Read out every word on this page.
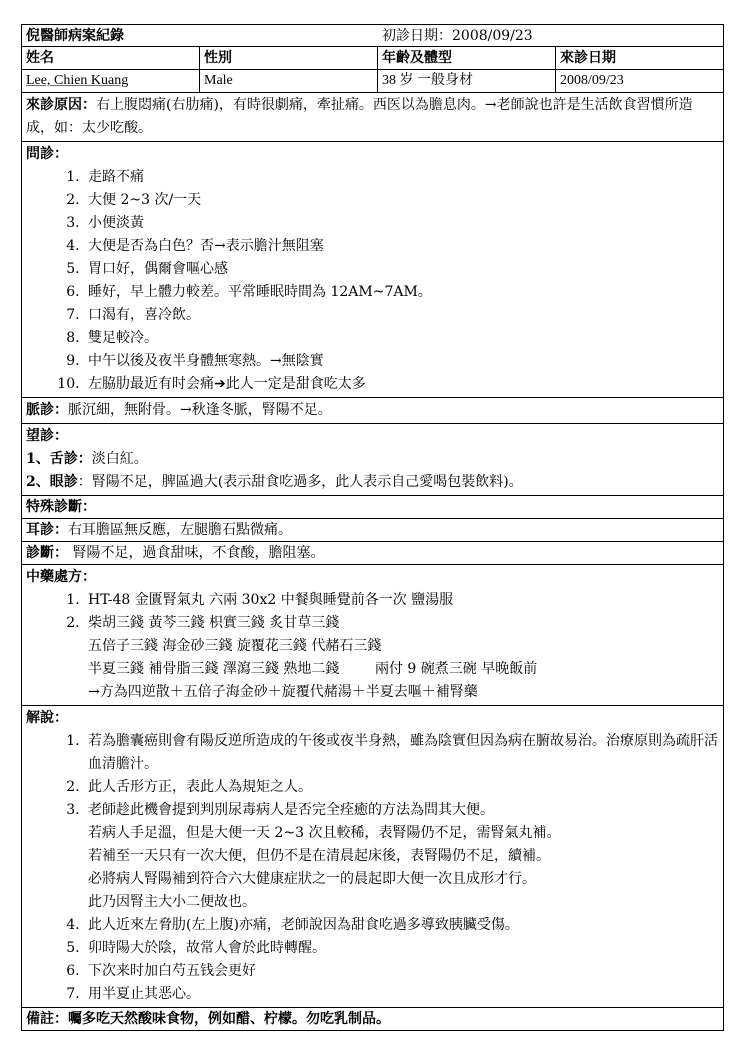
倪醫師病案紀錄	初診日期：2008/09/23
姓名	性別	年齡及體型	來診日期
Lee, Chien Kuang	Male	38 岁 一般身材	2008/09/23
來診原因：右上腹悶痛(右肋痛)，有時很劇痛，牽扯痛。西医以為膽息肉。→老師說也許是生活飲食習慣所造成，如：太少吃酸。
問診：
1. 走路不痛
2. 大便 2~3 次/一天
3. 小便淡黃
4. 大便是否為白色？否→表示膽汁無阻塞
5. 胃口好，偶爾會嘔心感
6. 睡好，早上體力較差。平常睡眠時間為 12AM~7AM。
7. 口渴有，喜冷飲。
8. 雙足較冷。
9. 中午以後及夜半身體無寒熱。→無陰實
10. 左脇肋最近有时会痛➔此人一定是甜食吃太多
脈診：脈沉細，無附骨。→秋逢冬脈，腎陽不足。
望診：
1、舌診：淡白紅。
2、眼診：腎陽不足，脾區過大(表示甜食吃過多，此人表示自己愛喝包裝飲料)。
特殊診斷：
耳診：右耳膽區無反應，左腿膽石點微痛。
診斷： 腎陽不足，過食甜味，不食酸，膽阻塞。
中藥處方：
1. HT-48 金匱腎氣丸 六兩 30x2 中餐與睡覺前各一次 鹽湯服
2. 柴胡三錢 黃芩三錢 枳實三錢 炙甘草三錢
五倍子三錢 海金砂三錢 旋覆花三錢 代赭石三錢
半夏三錢 補骨脂三錢 澤瀉三錢 熟地二錢        兩付 9 碗煮三碗 早晚飯前
→方為四逆散＋五倍子海金砂＋旋覆代赭湯＋半夏去嘔＋補腎藥
解說：
1. 若為膽囊癌則會有陽反逆所造成的午後或夜半身熱，雖為陰實但因為病在腑故易治。治療原則為疏肝活血清膽汁。
2. 此人舌形方正，表此人為規矩之人。
3. 老師趁此機會提到判別尿毒病人是否完全痊癒的方法為問其大便。
若病人手足溫，但是大便一天 2~3 次且較稀，表腎陽仍不足，需腎氣丸補。
若補至一天只有一次大便，但仍不是在清晨起床後，表腎陽仍不足，續補。
必將病人腎陽補到符合六大健康症狀之一的晨起即大便一次且成形才行。
此乃因腎主大小二便故也。
4. 此人近來左脅肋(左上腹)亦痛，老師說因為甜食吃過多導致胰臟受傷。
5. 卯時陽大於陰，故常人會於此時轉醒。
6. 下次来时加白芍五钱会更好
7. 用半夏止其恶心。
備註：囑多吃天然酸味食物，例如醋、柠檬。勿吃乳制品。
